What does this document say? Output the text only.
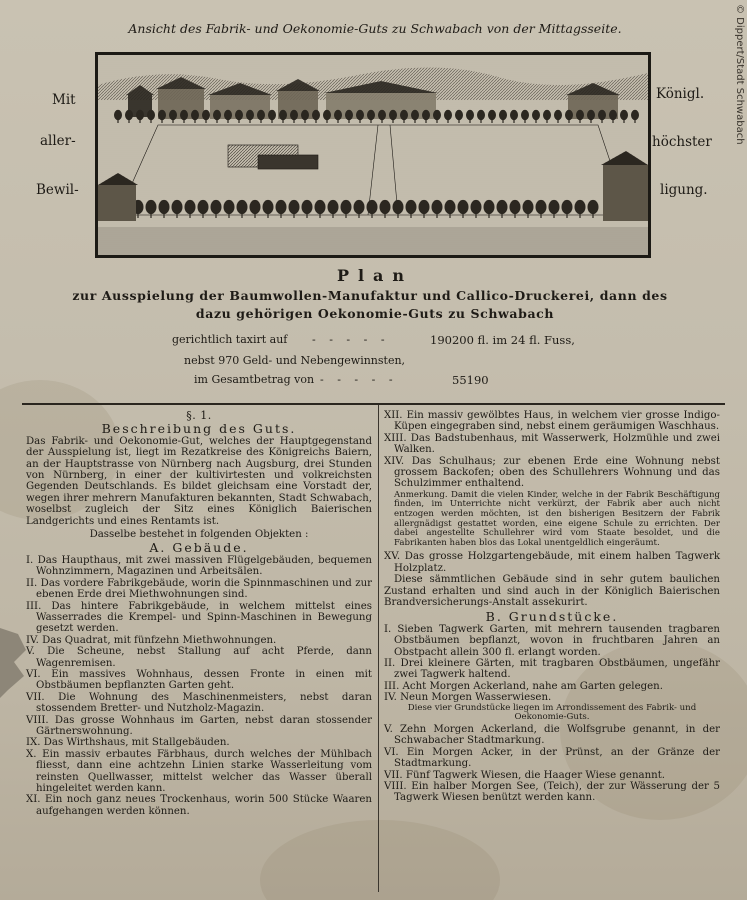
© Dippert/Stadt Schwabach
Ansicht des Fabrik- und Oekonomie-Guts zu Schwabach von der Mittagsseite.
Mit
aller-
Bewil-
Königl.
höchster
ligung.
Plan
zur Ausspielung der Baumwollen-Manufaktur und Callico-Druckerei, dann des
dazu gehörigen Oekonomie-Guts zu Schwabach
gerichtlich taxirt auf - - - - -	190200 fl. im 24 fl. Fuss,
nebst 970 Geld- und Nebengewinnsten,
im Gesamtbetrag von - - - - -	55190
§. 1.
Beschreibung des Guts.
Das Fabrik- und Oekonomie-Gut, welches der Hauptgegenstand der Ausspielung ist, liegt im Rezatkreise des Königreichs Baiern, an der Hauptstrasse von Nürnberg nach Augsburg, drei Stunden von Nürnberg, in einer der kultivirtesten und volkreichsten Gegenden Deutschlands. Es bildet gleichsam eine Vorstadt der, wegen ihrer mehrern Manufakturen bekannten, Stadt Schwabach, woselbst zugleich der Sitz eines Königlich Baierischen Landgerichts und eines Rentamts ist.
Dasselbe bestehet in folgenden Objekten :
A. Gebäude.

I. Das Haupthaus, mit zwei massiven Flügelgebäuden, bequemen Wohnzimmern, Magazinen und Arbeitsälen.

II. Das vordere Fabrikgebäude, worin die Spinnmaschinen und zur ebenen Erde drei Miethwohnungen sind.

III. Das hintere Fabrikgebäude, in welchem mittelst eines Wasserrades die Krempel- und Spinn-Maschinen in Bewegung gesetzt werden.

IV. Das Quadrat, mit fünfzehn Miethwohnungen.

V. Die Scheune, nebst Stallung auf acht Pferde, dann Wagenremisen.

VI. Ein massives Wohnhaus, dessen Fronte in einen mit Obstbäumen bepflanzten Garten geht.

VII. Die Wohnung des Maschinenmeisters, nebst daran stossendem Bretter- und Nutzholz-Magazin.

VIII. Das grosse Wohnhaus im Garten, nebst daran stossender Gärtnerswohnung.

IX. Das Wirthshaus, mit Stallgebäuden.

X. Ein massiv erbautes Färbhaus, durch welches der Mühlbach fliesst, dann eine achtzehn Linien starke Wasserleitung vom reinsten Quellwasser, mittelst welcher das Wasser überall hingeleitet werden kann.

XI. Ein noch ganz neues Trockenhaus, worin 500 Stücke Waaren aufgehangen werden können.

XII. Ein massiv gewölbtes Haus, in welchem vier grosse Indigo-Küpen eingegraben sind, nebst einem geräumigen Waschhaus.

XIII. Das Badstubenhaus, mit Wasserwerk, Holzmühle und zwei Walken.

XIV. Das Schulhaus; zur ebenen Erde eine Wohnung nebst grossem Backofen; oben des Schullehrers Wohnung und das Schulzimmer enthaltend.

Anmerkung. Damit die vielen Kinder, welche in der Fabrik Beschäftigung finden, im Unterrichte nicht verkürzt, der Fabrik aber auch nicht entzogen werden möchten, ist den bisherigen Besitzern der Fabrik allergnädigst gestattet worden, eine eigene Schule zu errichten. Der dabei angestellte Schullehrer wird vom Staate besoldet, und die Fabrikanten haben blos das Lokal unentgeldlich eingeräumt.

XV. Das grosse Holzgartengebäude, mit einem halben Tagwerk Holzplatz.

Diese sämmtlichen Gebäude sind in sehr gutem baulichen Zustand erhalten und sind auch in der Königlich Baierischen Brandversicherungs-Anstalt assekurirt.
B. Grundstücke.

I. Sieben Tagwerk Garten, mit mehrern tausenden tragbaren Obstbäumen bepflanzt, wovon in fruchtbaren Jahren an Obstpacht allein 300 fl. erlangt worden.

II. Drei kleinere Gärten, mit tragbaren Obstbäumen, ungefähr zwei Tagwerk haltend.

III. Acht Morgen Ackerland, nahe am Garten gelegen.

IV. Neun Morgen Wasserwiesen.

Diese vier Grundstücke liegen im Arrondissement des Fabrik- und Oekonomie-Guts.

V. Zehn Morgen Ackerland, die Wolfsgrube genannt, in der Schwabacher Stadtmarkung.

VI. Ein Morgen Acker, in der Prünst, an der Gränze der Stadtmarkung.

VII. Fünf Tagwerk Wiesen, die Haager Wiese genannt.

VIII. Ein halber Morgen See, (Teich), der zur Wässerung der 5 Tagwerk Wiesen benützt werden kann.
